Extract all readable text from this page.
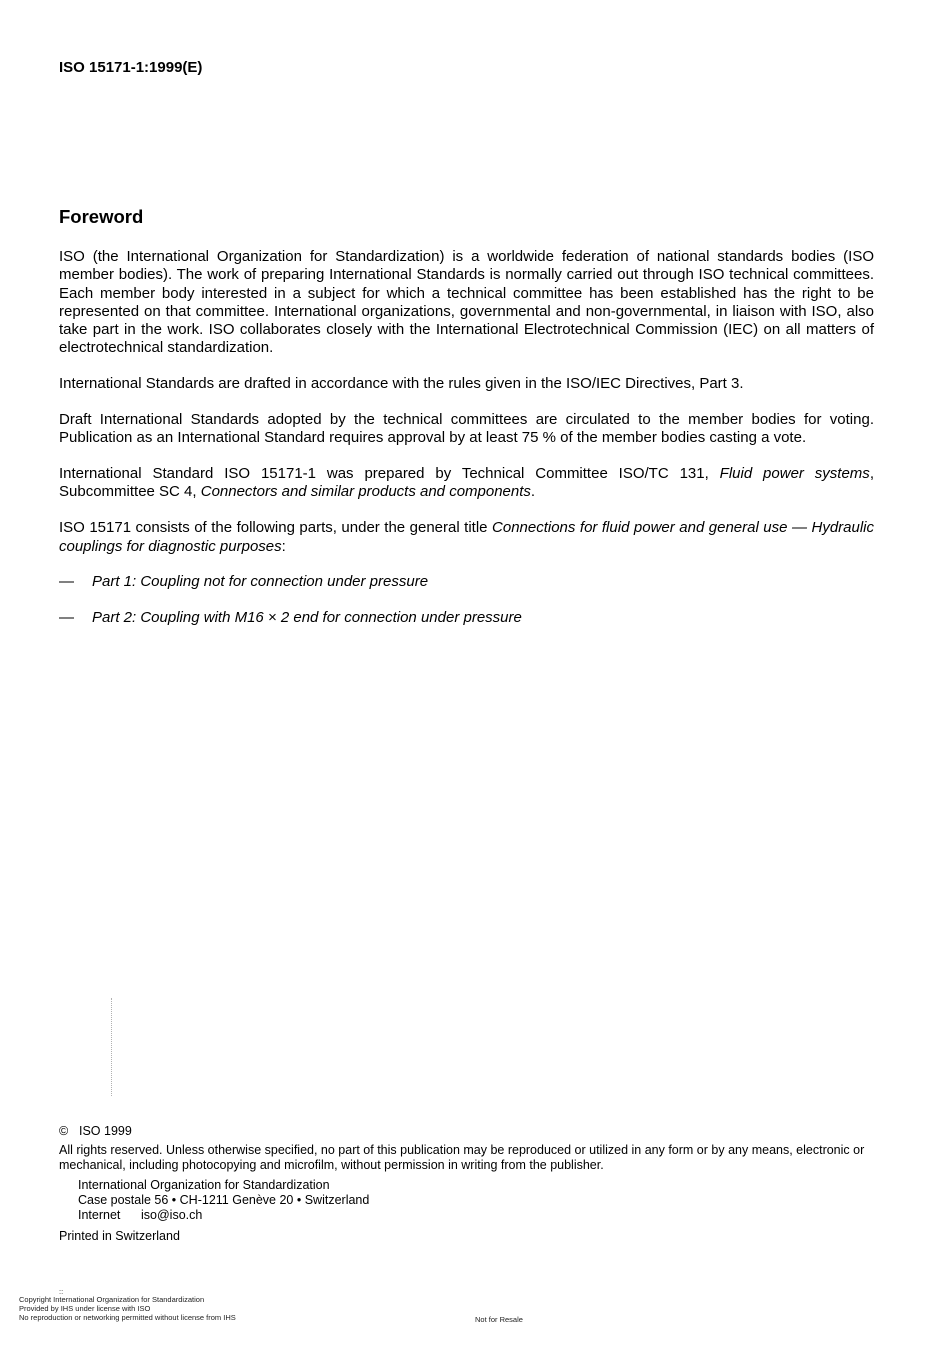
ISO 15171-1:1999(E)
Foreword

ISO (the International Organization for Standardization) is a worldwide federation of national standards bodies (ISO member bodies). The work of preparing International Standards is normally carried out through ISO technical committees. Each member body interested in a subject for which a technical committee has been established has the right to be represented on that committee. International organizations, governmental and non-governmental, in liaison with ISO, also take part in the work. ISO collaborates closely with the International Electrotechnical Commission (IEC) on all matters of electrotechnical standardization.

International Standards are drafted in accordance with the rules given in the ISO/IEC Directives, Part 3.

Draft International Standards adopted by the technical committees are circulated to the member bodies for voting. Publication as an International Standard requires approval by at least 75 % of the member bodies casting a vote.

International Standard ISO 15171-1 was prepared by Technical Committee ISO/TC 131, Fluid power systems, Subcommittee SC 4, Connectors and similar products and components.

ISO 15171 consists of the following parts, under the general title Connections for fluid power and general use — Hydraulic couplings for diagnostic purposes:

— Part 1: Coupling not for connection under pressure
— Part 2: Coupling with M16 × 2 end for connection under pressure
© ISO 1999
All rights reserved. Unless otherwise specified, no part of this publication may be reproduced or utilized in any form or by any means, electronic or mechanical, including photocopying and microfilm, without permission in writing from the publisher.
International Organization for Standardization
Case postale 56 • CH-1211 Genève 20 • Switzerland
Internet iso@iso.ch
Printed in Switzerland
::
Copyright International Organization for Standardization
Provided by IHS under license with ISO
No reproduction or networking permitted without license from IHS	Not for Resale
